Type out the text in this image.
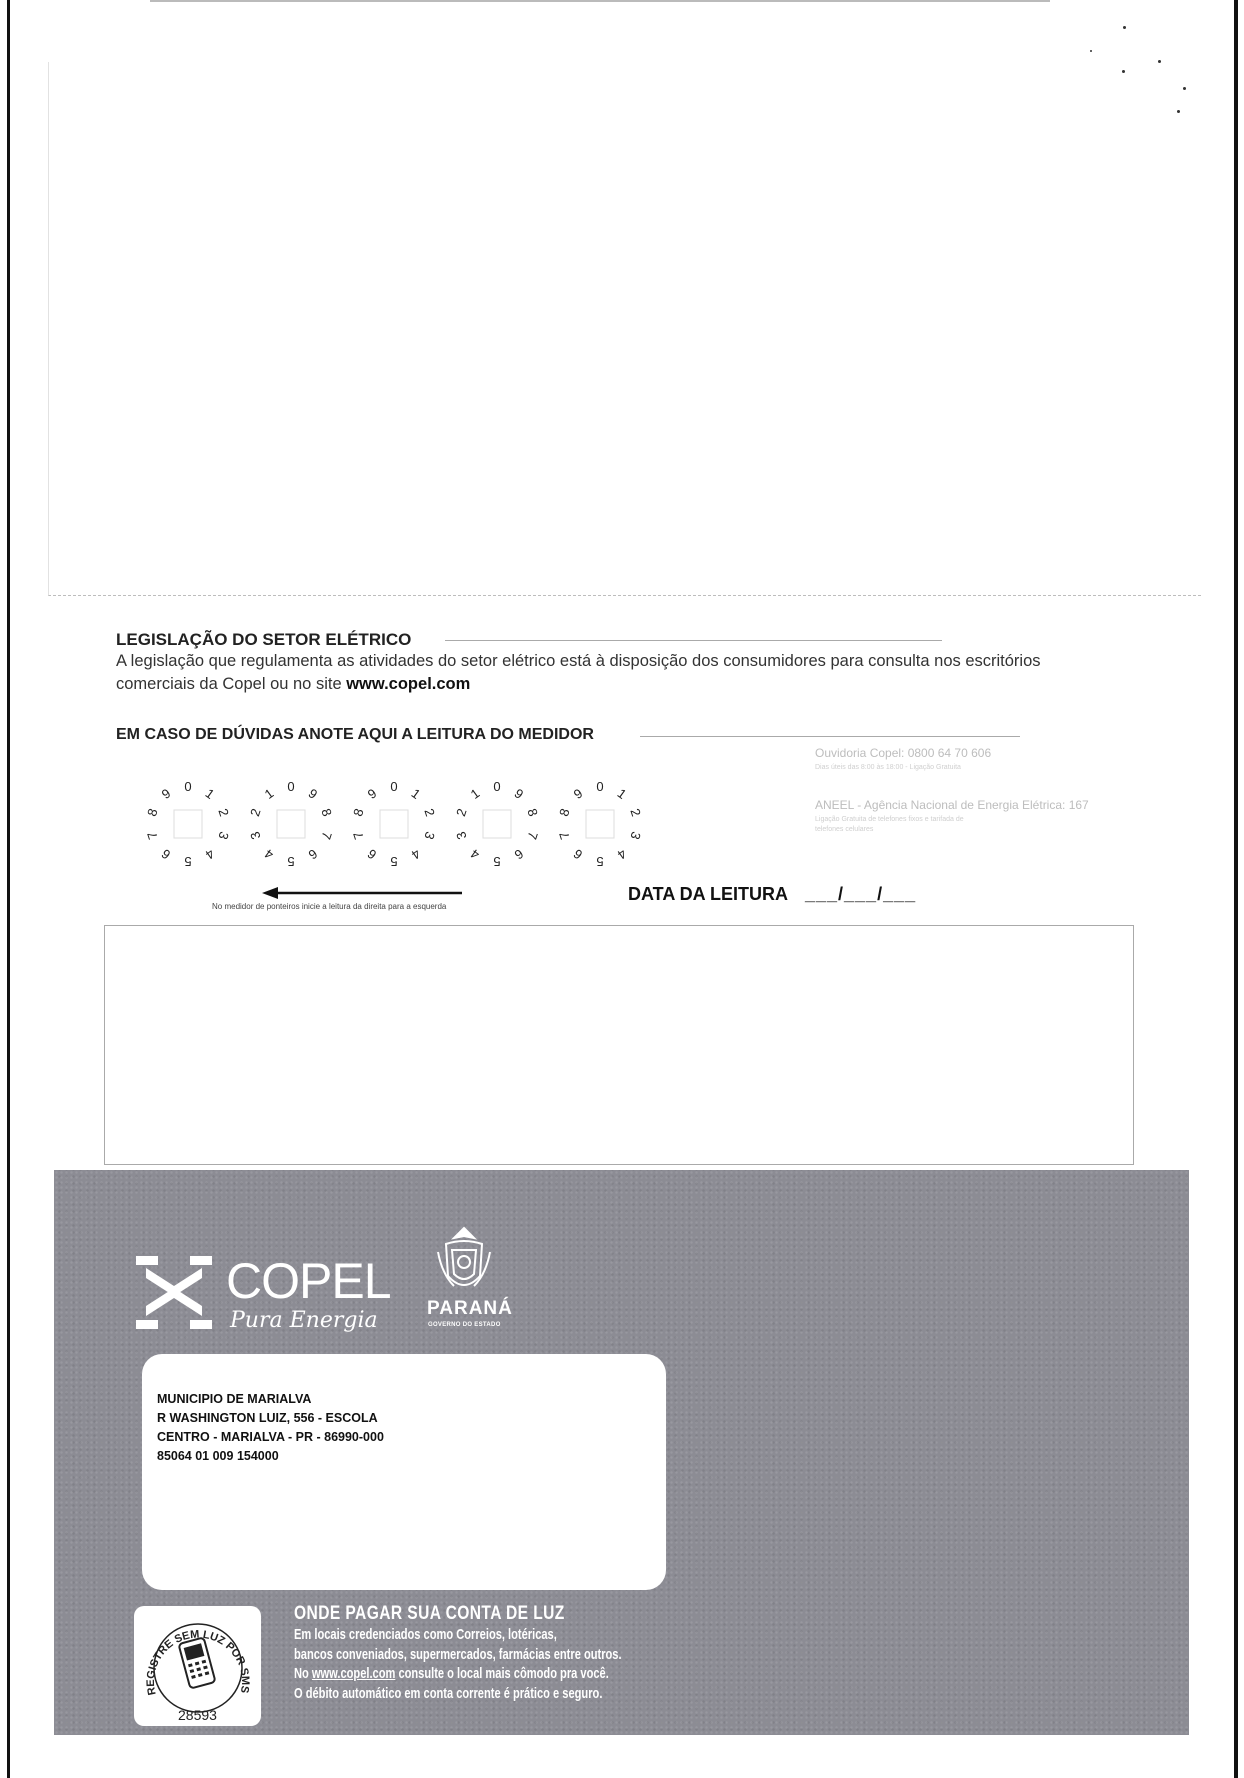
LEGISLAÇÃO DO SETOR ELÉTRICO
A legislação que regulamenta as atividades do setor elétrico está à disposição dos consumidores para consulta nos escritórios comerciais da Copel ou no site www.copel.com
EM CASO DE DÚVIDAS ANOTE AQUI A LEITURA DO MEDIDOR
Ouvidoria Copel: 0800 64 70 606
Dias úteis das 8:00 às 18:00 - Ligação Gratuita
ANEEL - Agência Nacional de Energia Elétrica: 167
Ligação Gratuita de telefones fixos e tarifada de
telefones celulares
0 1
2
3
4
5
6
7
8
9	0
1
2
3
4 5 6
7
8
9	0 1
2
3
4
5
6
7
8
9	0
1
2
3
4 5 6
7
8
9	0 1
2
3
4
5
6
7
8
9
No medidor de ponteiros inicie a leitura da direita para a esquerda
DATA DA LEITURA ___/___/___
COPEL
Pura Energia	PARANÁ
GOVERNO DO ESTADO
MUNICIPIO DE MARIALVA
R WASHINGTON LUIZ, 556 - ESCOLA
CENTRO - MARIALVA - PR - 86990-000
85064 01 009 154000
REGISTRE SEM LUZ POR SMS
28593
ONDE PAGAR SUA CONTA DE LUZ
Em locais credenciados como Correios, lotéricas,
bancos conveniados, supermercados, farmácias entre outros.
No www.copel.com consulte o local mais cômodo pra você.
O débito automático em conta corrente é prático e seguro.
